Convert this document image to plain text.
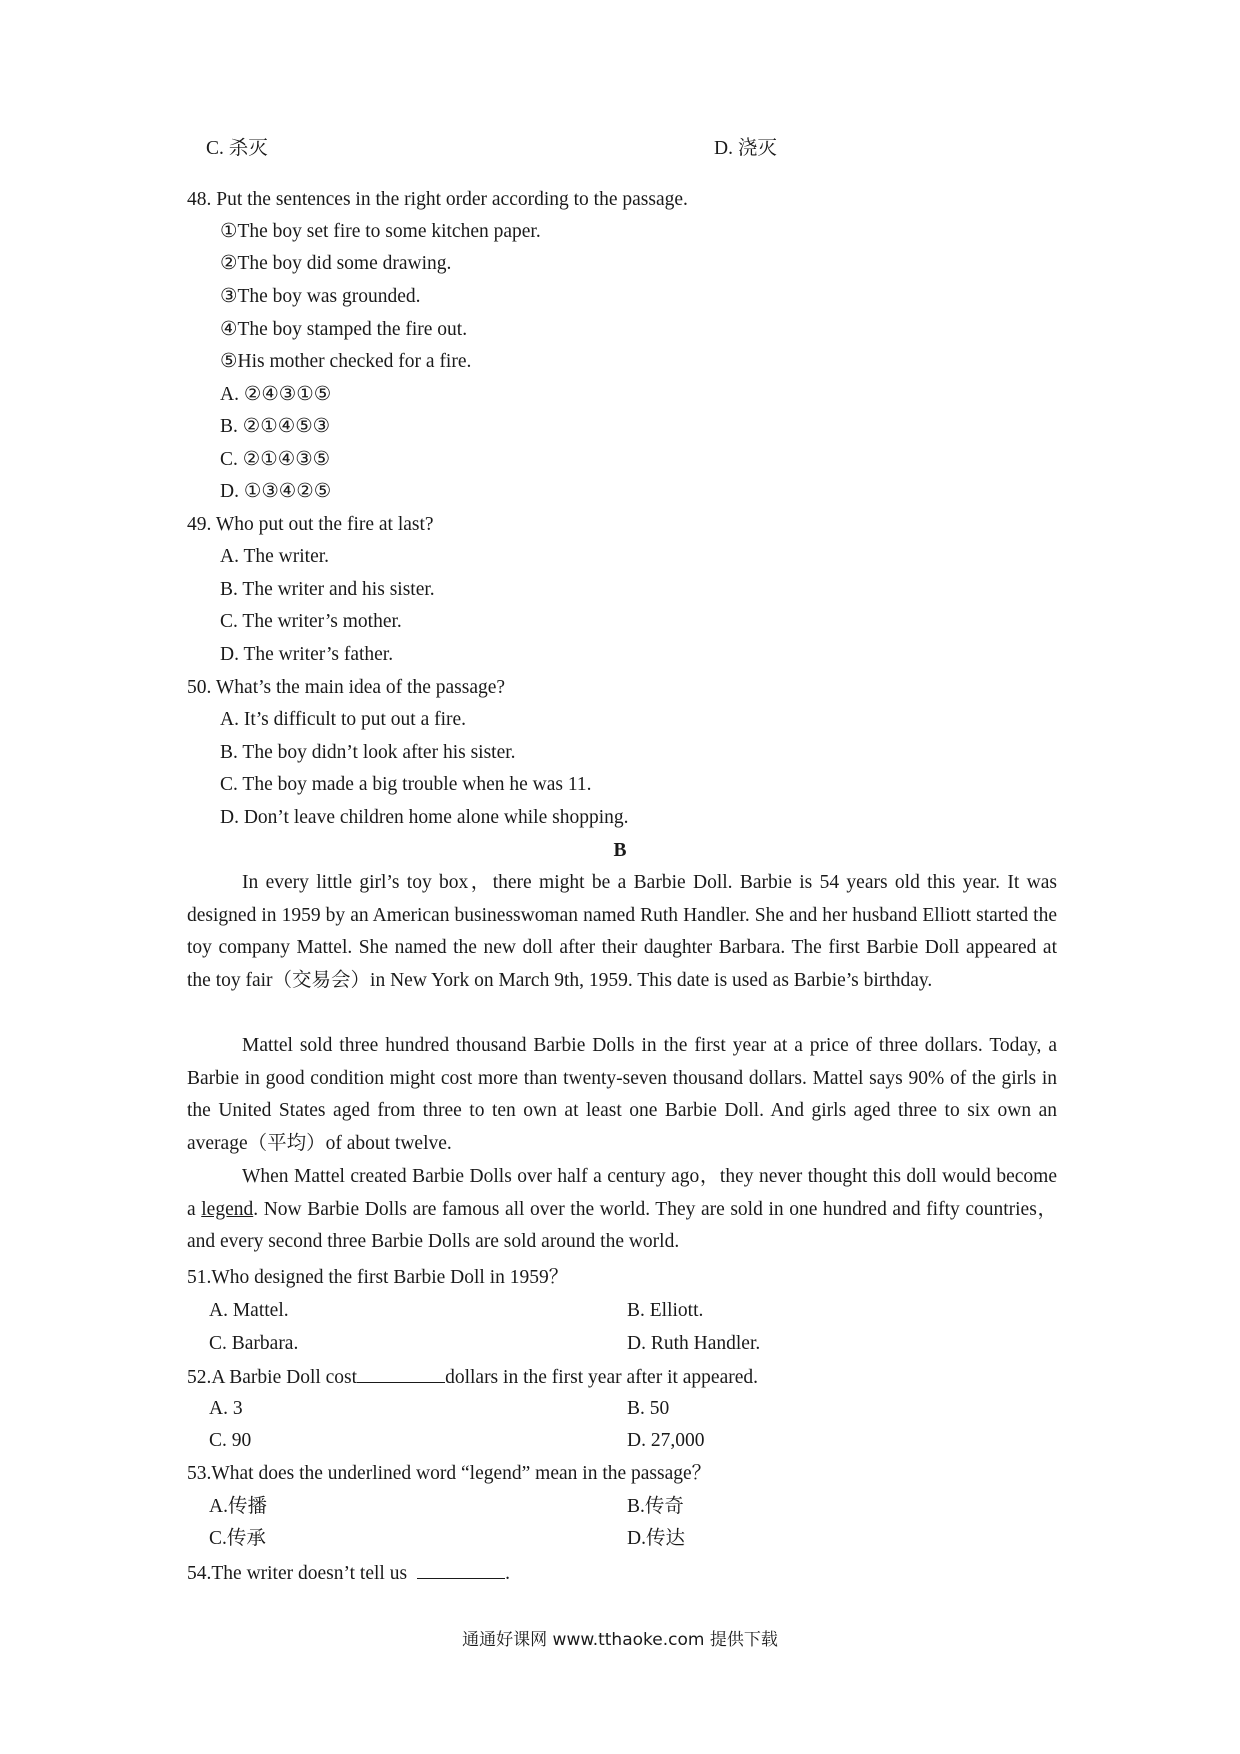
C. 杀灭	D. 浇灭
48. Put the sentences in the right order according to the passage.
①The boy set fire to some kitchen paper.
②The boy did some drawing.
③The boy was grounded.
④The boy stamped the fire out.
⑤His mother checked for a fire.
A. ②④③①⑤
B. ②①④⑤③
C. ②①④③⑤
D. ①③④②⑤
49. Who put out the fire at last?
A. The writer.
B. The writer and his sister.
C. The writer’s mother.
D. The writer’s father.
50. What’s the main idea of the passage?
A. It’s difficult to put out a fire.
B. The boy didn’t look after his sister.
C. The boy made a big trouble when he was 11.
D. Don’t leave children home alone while shopping.
B
In every little girl’s toy box，there might be a Barbie Doll. Barbie is 54 years old this year. It was designed in 1959 by an American businesswoman named Ruth Handler. She and her husband Elliott started the toy company Mattel. She named the new doll after their daughter Barbara. The first Barbie Doll appeared at the toy fair（交易会）in New York on March 9th, 1959. This date is used as Barbie’s birthday.
Mattel sold three hundred thousand Barbie Dolls in the first year at a price of three dollars. Today, a Barbie in good condition might cost more than twenty-seven thousand dollars. Mattel says 90% of the girls in the United States aged from three to ten own at least one Barbie Doll. And girls aged three to six own an average（平均）of about twelve.
When Mattel created Barbie Dolls over half a century ago，they never thought this doll would become a legend. Now Barbie Dolls are famous all over the world. They are sold in one hundred and fifty countries，and every second three Barbie Dolls are sold around the world.
51.Who designed the first Barbie Doll in 1959？
A. Mattel.	B. Elliott.
C. Barbara.	D. Ruth Handler.
52.A Barbie Doll cost	dollars in the first year after it appeared.
A. 3	B. 50
C. 90	D. 27,000
53.What does the underlined word “legend” mean in the passage？
A.传播	B.传奇
C.传承	D.传达
54.The writer doesn’t tell us	.
通通好课网 www.tthaoke.com 提供下载
